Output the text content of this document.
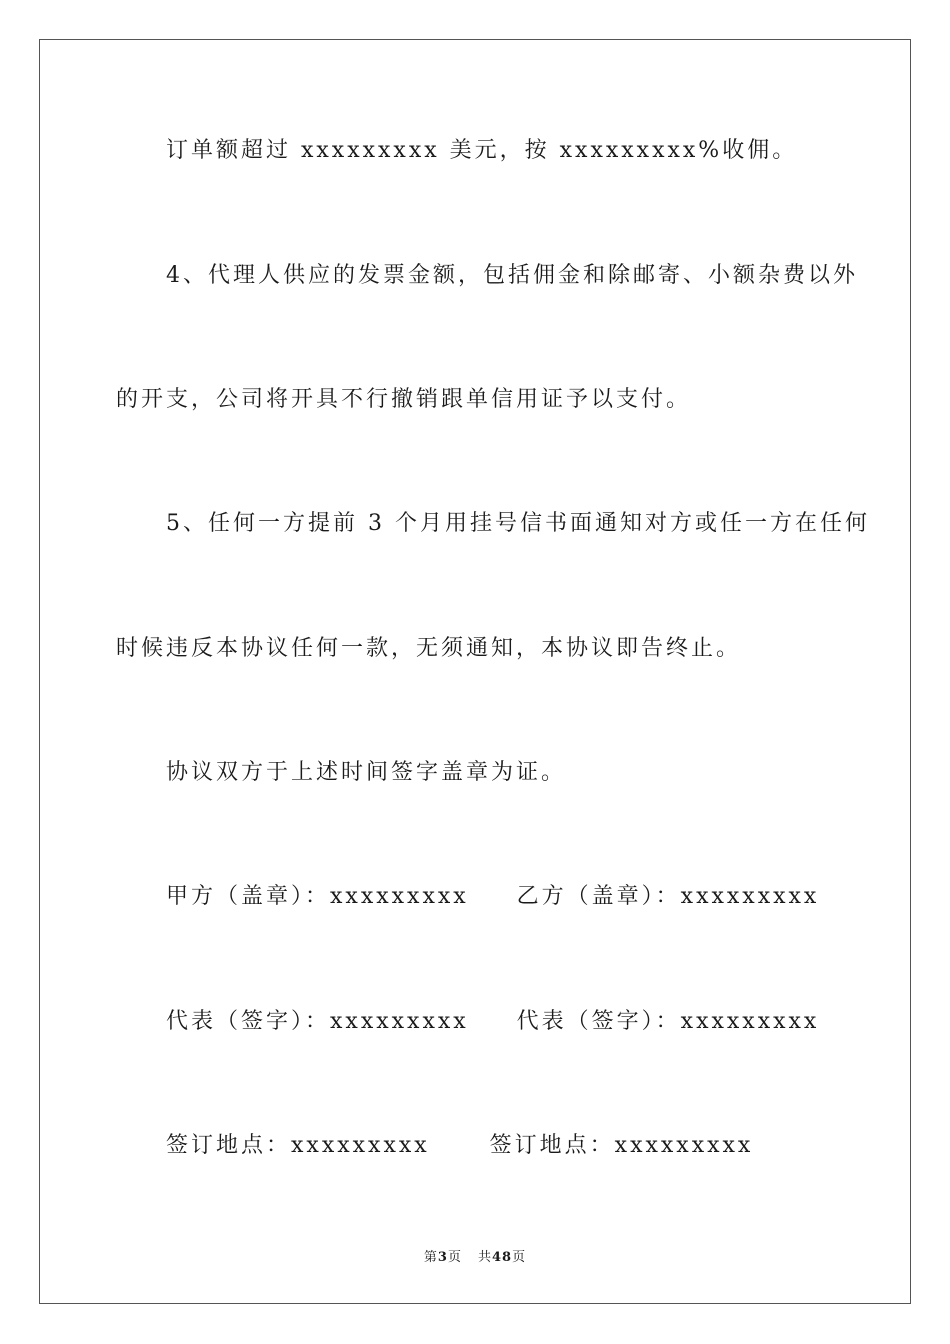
订单额超过 xxxxxxxxx 美元，按 xxxxxxxxx%收佣。
4、代理人供应的发票金额，包括佣金和除邮寄、小额杂费以外
的开支，公司将开具不行撤销跟单信用证予以支付。
5、任何一方提前 3 个月用挂号信书面通知对方或任一方在任何
时候违反本协议任何一款，无须通知，本协议即告终止。
协议双方于上述时间签字盖章为证。
甲方（盖章）：xxxxxxxxx 乙方（盖章）：xxxxxxxxx
代表（签字）：xxxxxxxxx 代表（签字）：xxxxxxxxx
签订地点：xxxxxxxxx	签订地点：xxxxxxxxx
第3页 共48页
